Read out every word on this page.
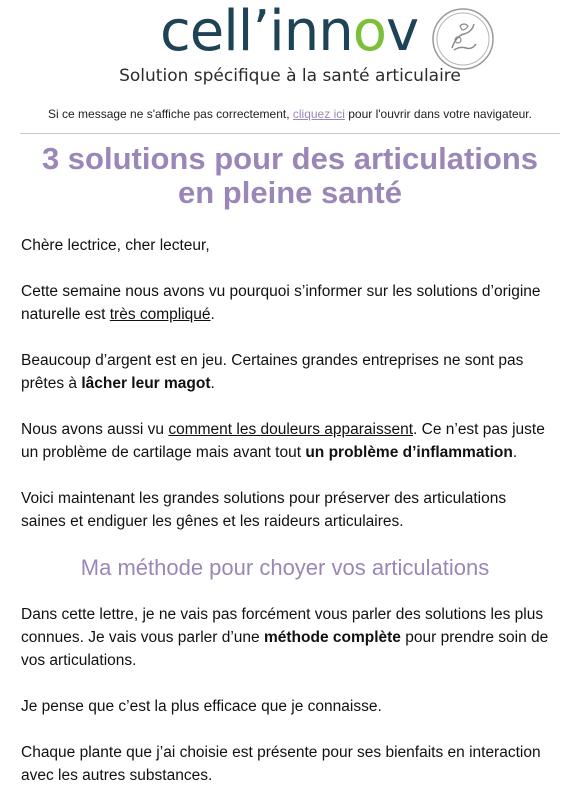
cell’innov
Solution spécifique à la santé articulaire
Si ce message ne s'affiche pas correctement, cliquez ici pour l'ouvrir dans votre navigateur.
3 solutions pour des articulations en pleine santé

Chère lectrice, cher lecteur,

Cette semaine nous avons vu pourquoi s’informer sur les solutions d’origine naturelle est très compliqué.

Beaucoup d’argent est en jeu. Certaines grandes entreprises ne sont pas prêtes à lâcher leur magot.

Nous avons aussi vu comment les douleurs apparaissent. Ce n’est pas juste un problème de cartilage mais avant tout un problème d’inflammation.

Voici maintenant les grandes solutions pour préserver des articulations saines et endiguer les gênes et les raideurs articulaires.

Ma méthode pour choyer vos articulations

Dans cette lettre, je ne vais pas forcément vous parler des solutions les plus connues. Je vais vous parler d’une méthode complète pour prendre soin de vos articulations.

Je pense que c’est la plus efficace que je connaisse.

Chaque plante que j’ai choisie est présente pour ses bienfaits en interaction avec les autres substances.
